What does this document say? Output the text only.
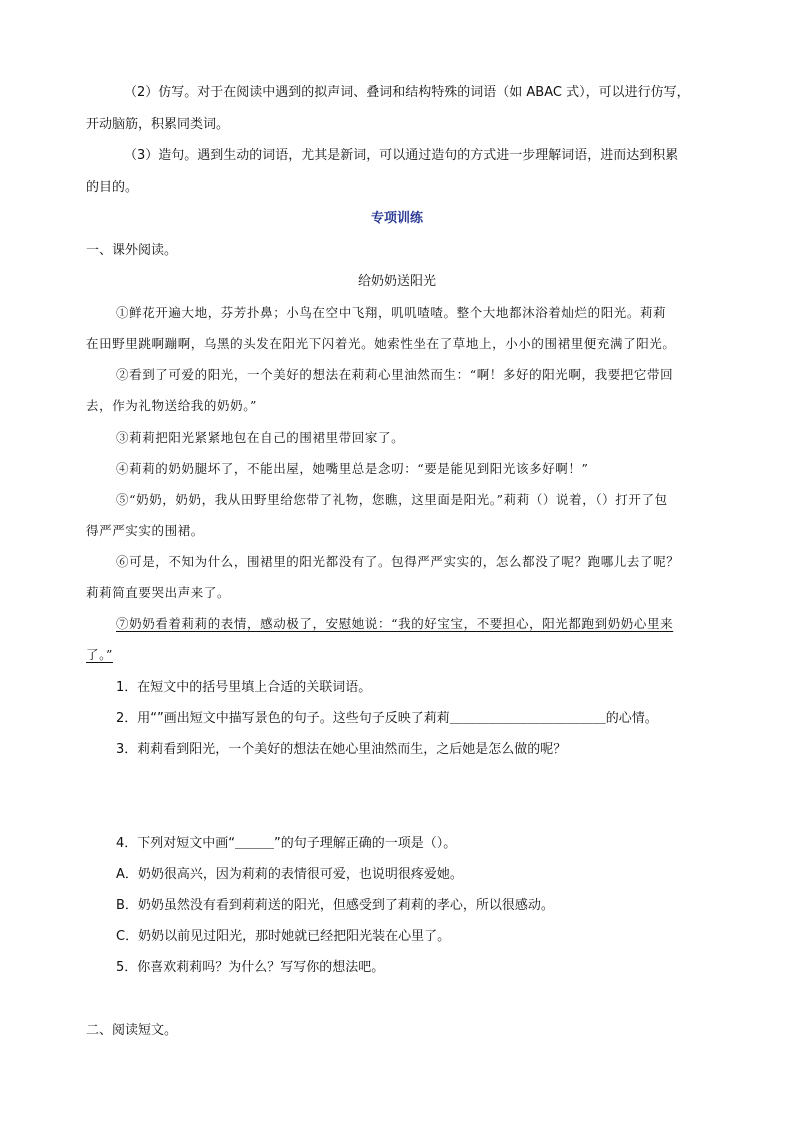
（2）仿写。对于在阅读中遇到的拟声词、叠词和结构特殊的词语（如 ABAC 式），可以进行仿写，
开动脑筋，积累同类词。
（3）造句。遇到生动的词语，尤其是新词，可以通过造句的方式进一步理解词语，进而达到积累
的目的。
专项训练
一、课外阅读。
给奶奶送阳光
①鲜花开遍大地，芬芳扑鼻；小鸟在空中飞翔，叽叽喳喳。整个大地都沐浴着灿烂的阳光。莉莉
在田野里跳啊蹦啊，乌黑的头发在阳光下闪着光。她索性坐在了草地上，小小的围裙里便充满了阳光。
②看到了可爱的阳光，一个美好的想法在莉莉心里油然而生：“啊！多好的阳光啊，我要把它带回
去，作为礼物送给我的奶奶。”
③莉莉把阳光紧紧地包在自己的围裙里带回家了。
④莉莉的奶奶腿坏了，不能出屋，她嘴里总是念叨：“要是能见到阳光该多好啊！”
⑤“奶奶，奶奶，我从田野里给您带了礼物，您瞧，这里面是阳光。”莉莉（）说着，（）打开了包
得严严实实的围裙。
⑥可是，不知为什么，围裙里的阳光都没有了。包得严严实实的，怎么都没了呢？跑哪儿去了呢？
莉莉简直要哭出声来了。
⑦奶奶看着莉莉的表情，感动极了，安慰她说：“我的好宝宝，不要担心，阳光都跑到奶奶心里来
了。”
1．在短文中的括号里填上合适的关联词语。
2．用“”画出短文中描写景色的句子。这些句子反映了莉莉＿＿＿＿＿＿＿＿＿＿＿＿的心情。
3．莉莉看到阳光，一个美好的想法在她心里油然而生，之后她是怎么做的呢？
4．下列对短文中画“＿＿＿”的句子理解正确的一项是（）。
A．奶奶很高兴，因为莉莉的表情很可爱，也说明很疼爱她。
B．奶奶虽然没有看到莉莉送的阳光，但感受到了莉莉的孝心，所以很感动。
C．奶奶以前见过阳光，那时她就已经把阳光装在心里了。
5．你喜欢莉莉吗？为什么？写写你的想法吧。
二、阅读短文。
